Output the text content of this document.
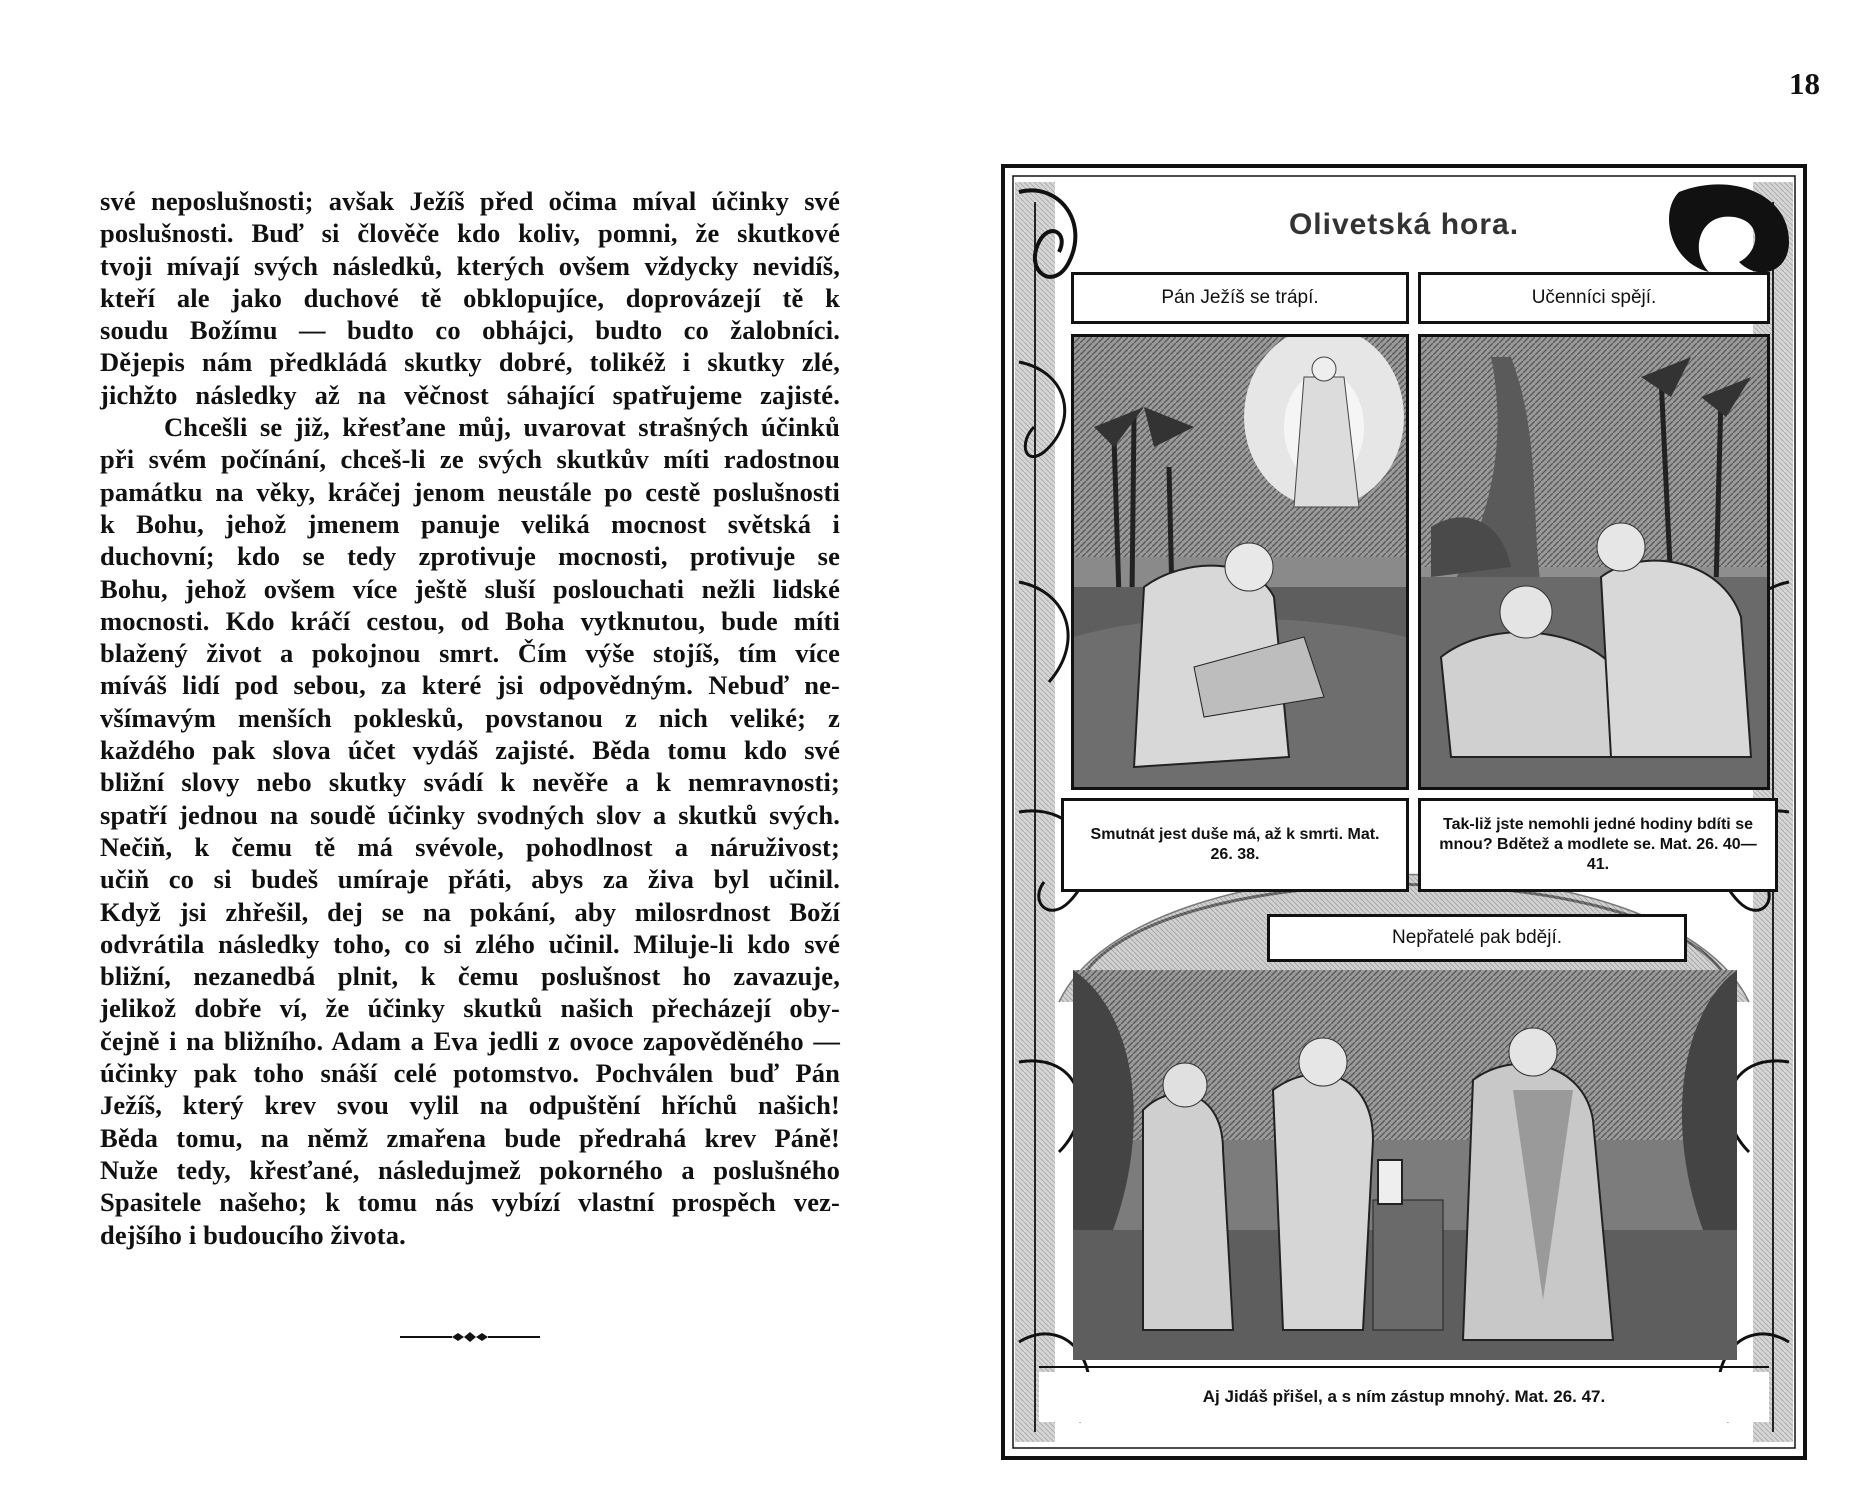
své neposlušnosti; avšak Ježíš před očima míval účinky své
poslušnosti. Buď si člověče kdo koliv, pomni, že skutkové
tvoji mívají svých následků, kterých ovšem vždycky nevidíš,
kteří ale jako duchové tě obklopujíce, doprovázejí tě k
soudu Božímu — budto co obhájci, budto co žalobníci.
Dějepis nám předkládá skutky dobré, tolikéž i skutky zlé,
jichžto následky až na věčnost sáhající spatřujeme zajisté.
Chcešli se již, křesťane můj, uvarovat strašných účinků
při svém počínání, chceš-li ze svých skutkův míti radostnou
památku na věky, kráčej jenom neustále po cestě poslušnosti
k Bohu, jehož jmenem panuje veliká mocnost světská i
duchovní; kdo se tedy zprotivuje mocnosti, protivuje se
Bohu, jehož ovšem více ještě sluší poslouchati nežli lidské
mocnosti. Kdo kráčí cestou, od Boha vytknutou, bude míti
blažený život a pokojnou smrt. Čím výše stojíš, tím více
míváš lidí pod sebou, za které jsi odpovědným. Nebuď ne-
všímavým menších poklesků, povstanou z nich veliké; z
každého pak slova účet vydáš zajisté. Běda tomu kdo své
bližní slovy nebo skutky svádí k nevěře a k nemravnosti;
spatří jednou na soudě účinky svodných slov a skutků svých.
Nečiň, k čemu tě má svévole, pohodlnost a náruživost;
učiň co si budeš umíraje přáti, abys za živa byl učinil.
Když jsi zhřešil, dej se na pokání, aby milosrdnost Boží
odvrátila následky toho, co si zlého učinil. Miluje-li kdo své
bližní, nezanedbá plnit, k čemu poslušnost ho zavazuje,
jelikož dobře ví, že účinky skutků našich přecházejí oby-
čejně i na bližního. Adam a Eva jedli z ovoce zapověděného —
účinky pak toho snáší celé potomstvo. Pochválen buď Pán
Ježíš, který krev svou vylil na odpuštění hříchů našich!
Běda tomu, na němž zmařena bude předrahá krev Páně!
Nuže tedy, křesťané, následujmež pokorného a poslušného
Spasitele našeho; k tomu nás vybízí vlastní prospěch vez-
dejšího i budoucího života.

18
Olivetská hora.
Pán Ježíš se trápí.	Učenníci spějí.
Smutnát jest duše má, až k smrti. Mat. 26. 38.
Tak-liž jste nemohli jedné hodiny bdíti se mnou? Bdětež a modlete se. Mat. 26. 40—41.
Nepřatelé pak bdějí.
Aj Jidáš přišel, a s ním zástup mnohý. Mat. 26. 47.
